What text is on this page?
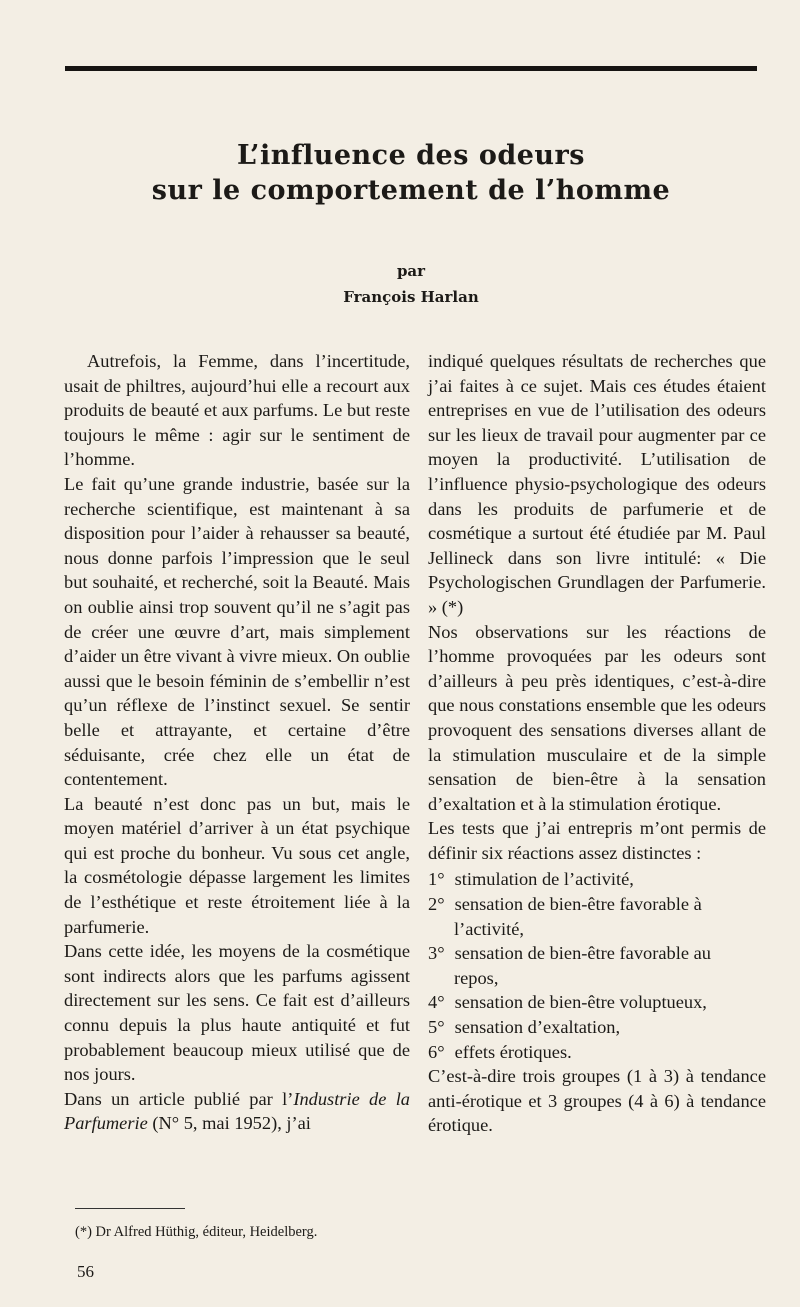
L’influence des odeurs
sur le comportement de l’homme
par
François Harlan

Autrefois, la Femme, dans l’incertitude, usait de philtres, aujourd’hui elle a recourt aux produits de beauté et aux parfums. Le but reste toujours le même : agir sur le sentiment de l’homme.

Le fait qu’une grande industrie, basée sur la recherche scientifique, est maintenant à sa disposition pour l’aider à rehausser sa beauté, nous donne parfois l’impression que le seul but souhaité, et recherché, soit la Beauté. Mais on oublie ainsi trop souvent qu’il ne s’agit pas de créer une œuvre d’art, mais simplement d’aider un être vivant à vivre mieux. On oublie aussi que le besoin féminin de s’embellir n’est qu’un réflexe de l’instinct sexuel. Se sentir belle et attrayante, et certaine d’être séduisante, crée chez elle un état de contentement.

La beauté n’est donc pas un but, mais le moyen matériel d’arriver à un état psychique qui est proche du bonheur. Vu sous cet angle, la cosmétologie dépasse largement les limites de l’esthétique et reste étroitement liée à la parfumerie.

Dans cette idée, les moyens de la cosmétique sont indirects alors que les parfums agissent directement sur les sens. Ce fait est d’ailleurs connu depuis la plus haute antiquité et fut probablement beaucoup mieux utilisé que de nos jours.

Dans un article publié par l’Industrie de la Parfumerie (N° 5, mai 1952), j’ai

indiqué quelques résultats de recherches que j’ai faites à ce sujet. Mais ces études étaient entreprises en vue de l’utilisation des odeurs sur les lieux de travail pour augmenter par ce moyen la productivité. L’utilisation de l’influence physio-psychologique des odeurs dans les produits de parfumerie et de cosmétique a surtout été étudiée par M. Paul Jellineck dans son livre intitulé: « Die Psychologischen Grundlagen der Parfumerie. » (*)

Nos observations sur les réactions de l’homme provoquées par les odeurs sont d’ailleurs à peu près identiques, c’est-à-dire que nous constations ensemble que les odeurs provoquent des sensations diverses allant de la stimulation musculaire et de la simple sensation de bien-être à la sensation d’exaltation et à la stimulation érotique.

Les tests que j’ai entrepris m’ont permis de définir six réactions assez distinctes :

1° stimulation de l’activité,
2° sensation de bien-être favorable à
l’activité,
3° sensation de bien-être favorable au
repos,
4° sensation de bien-être voluptueux,
5° sensation d’exaltation,
6° effets érotiques.

C’est-à-dire trois groupes (1 à 3) à tendance anti-érotique et 3 groupes (4 à 6) à tendance érotique.

(*) Dr Alfred Hüthig, éditeur, Heidelberg.

56
